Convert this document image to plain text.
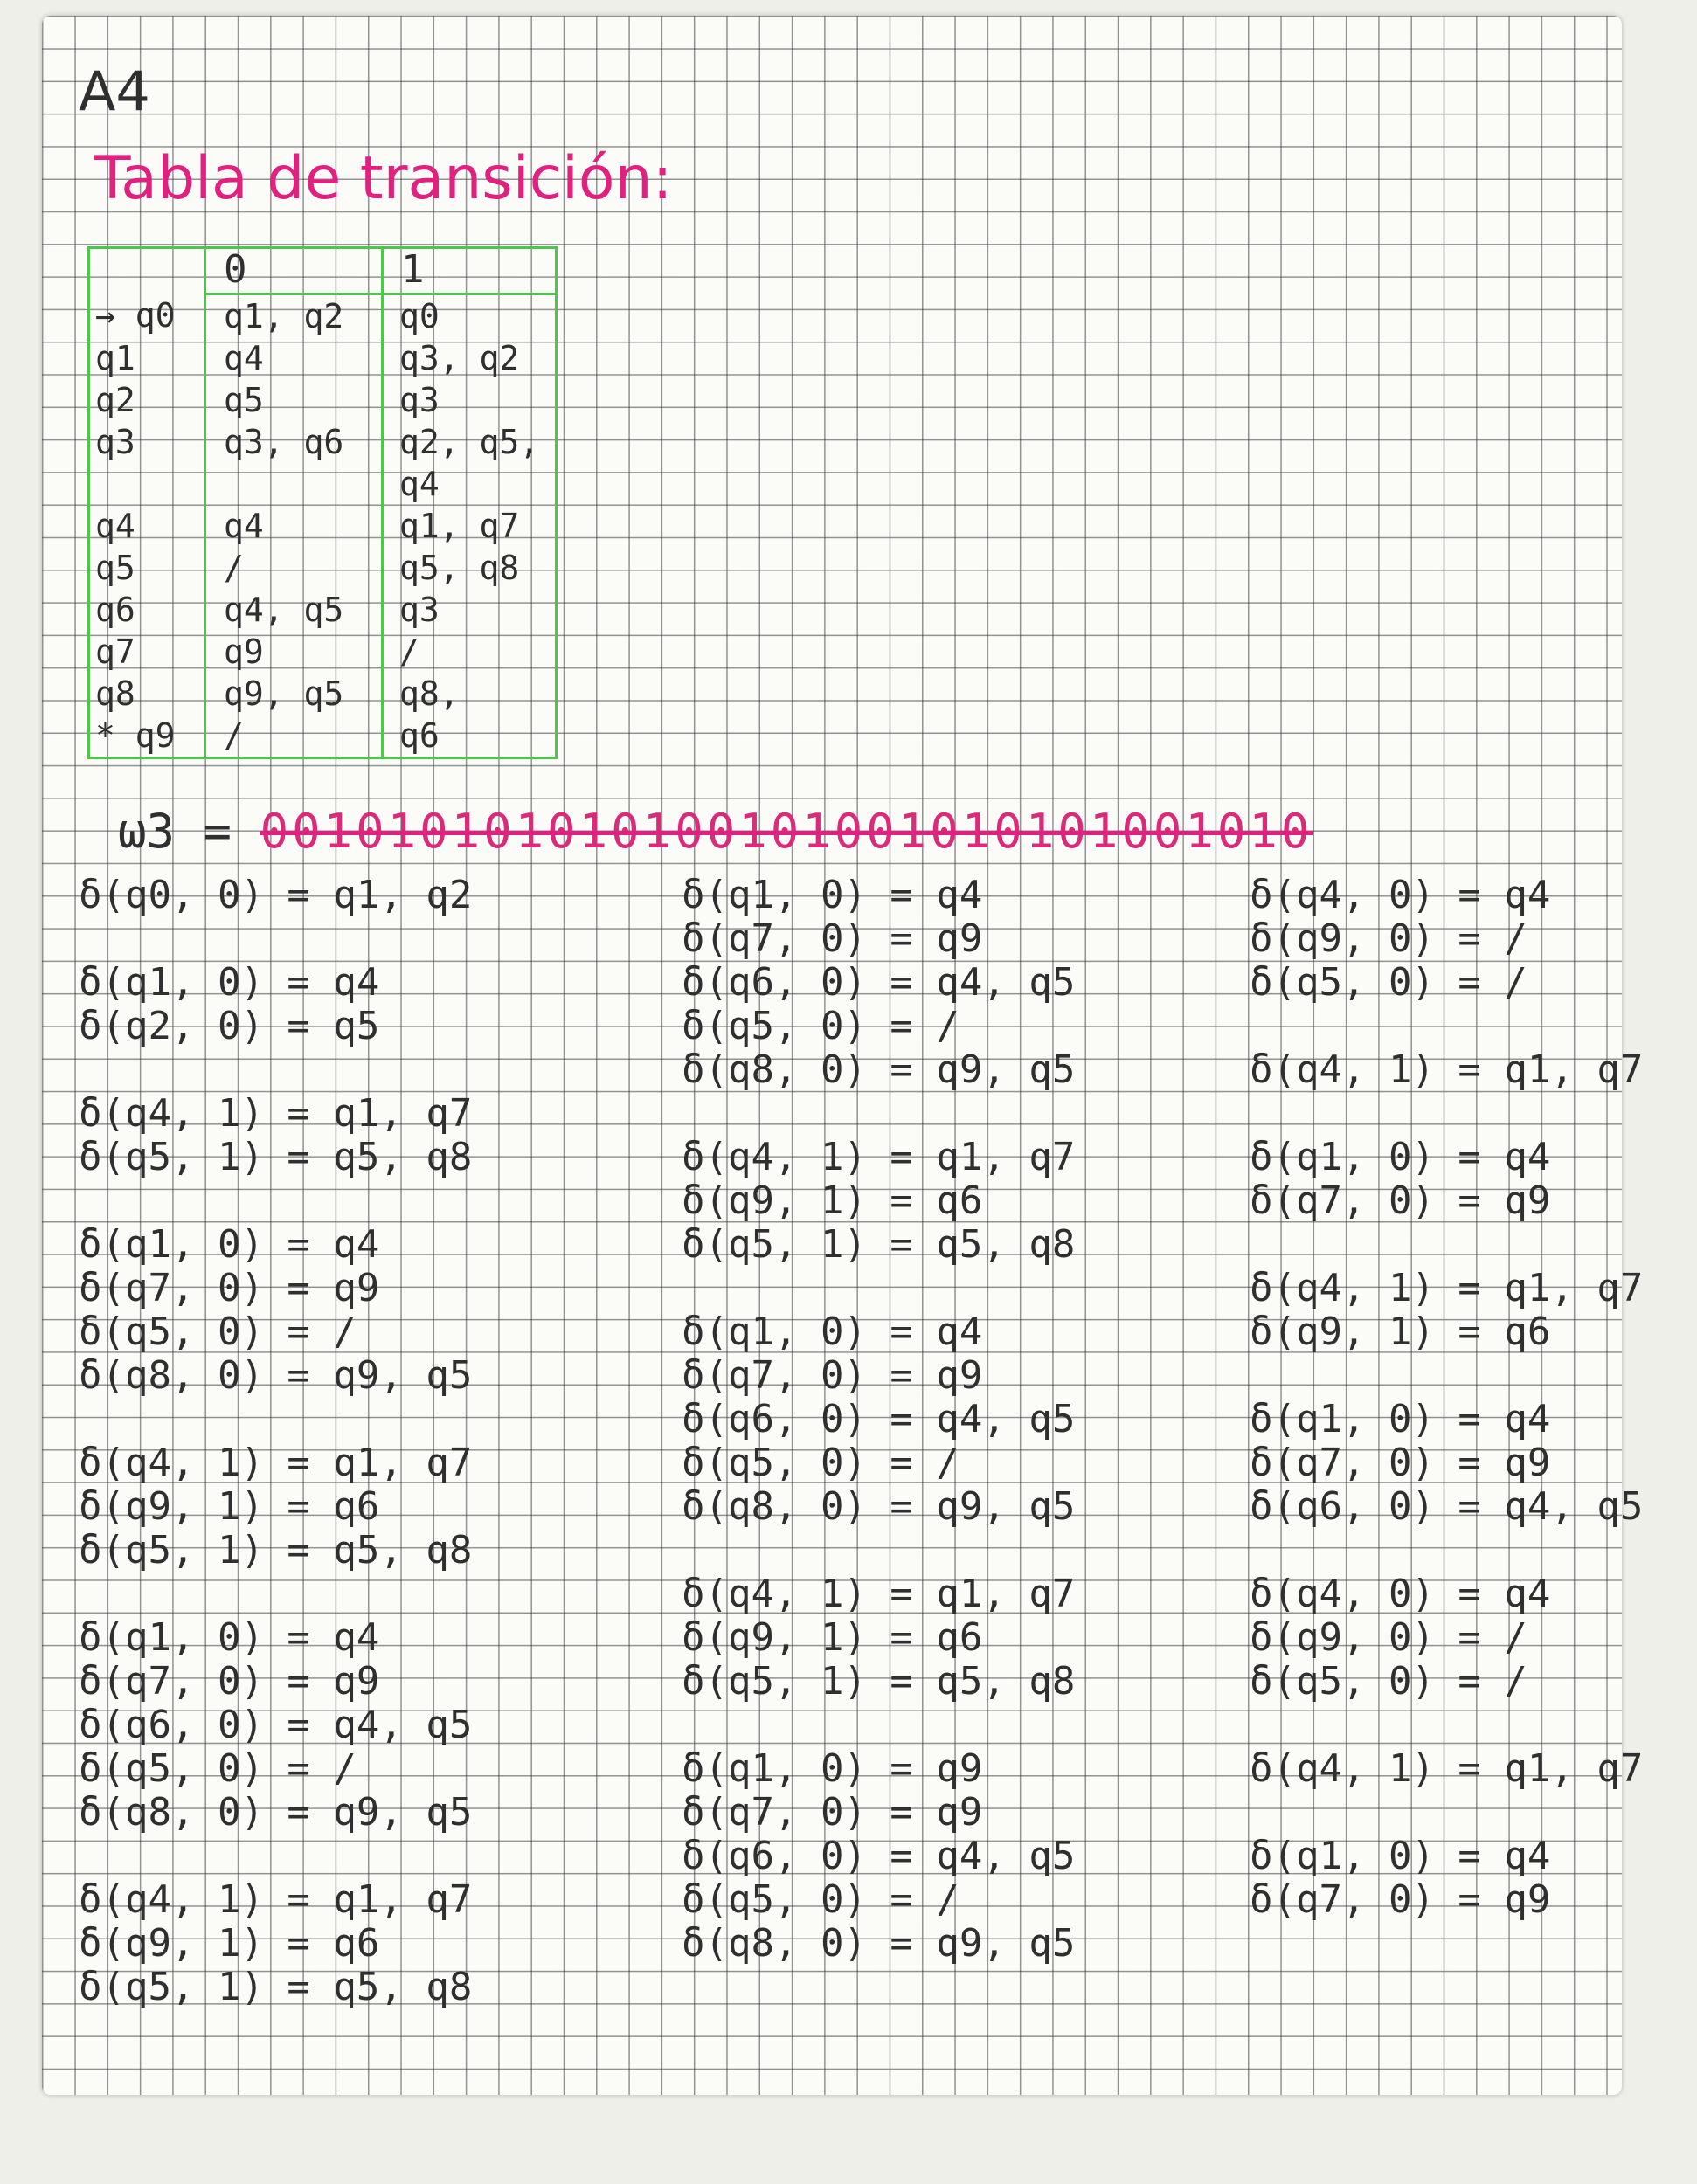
A4
Tabla de transición:
	0	1
→ q0	q1, q2	q0
q1	q4	q3, q2
q2	q5	q3
q3	q3, q6	q2, q5, q4
q4	q4	q1, q7
q5	/	q5, q8
q6	q4, q5	q3
q7	q9	/
q8	q9, q5	q8,
* q9	/	q6
ω3 = 001010101010100101001010101001010
δ(q0, 0) = q1, q2
δ(q1, 0) = q4
δ(q2, 0) = q5
δ(q4, 1) = q1, q7
δ(q5, 1) = q5, q8
δ(q1, 0) = q4
δ(q7, 0) = q9
δ(q5, 0) = /
δ(q8, 0) = q9, q5
δ(q4, 1) = q1, q7
δ(q9, 1) = q6
δ(q5, 1) = q5, q8
δ(q1, 0) = q4
δ(q7, 0) = q9
δ(q6, 0) = q4, q5
δ(q5, 0) = /
δ(q8, 0) = q9, q5
δ(q4, 1) = q1, q7
δ(q9, 1) = q6
δ(q5, 1) = q5, q8
δ(q1, 0) = q4
δ(q7, 0) = q9
δ(q6, 0) = q4, q5
δ(q5, 0) = /
δ(q8, 0) = q9, q5
δ(q4, 1) = q1, q7
δ(q9, 1) = q6
δ(q5, 1) = q5, q8
δ(q1, 0) = q4
δ(q7, 0) = q9
δ(q6, 0) = q4, q5
δ(q5, 0) = /
δ(q8, 0) = q9, q5
δ(q4, 1) = q1, q7
δ(q9, 1) = q6
δ(q5, 1) = q5, q8
δ(q1, 0) = q9
δ(q7, 0) = q9
δ(q6, 0) = q4, q5
δ(q5, 0) = /
δ(q8, 0) = q9, q5
δ(q4, 0) = q4
δ(q9, 0) = /
δ(q5, 0) = /
δ(q4, 1) = q1, q7
δ(q1, 0) = q4
δ(q7, 0) = q9
δ(q4, 1) = q1, q7
δ(q9, 1) = q6
δ(q1, 0) = q4
δ(q7, 0) = q9
δ(q6, 0) = q4, q5
δ(q4, 0) = q4
δ(q9, 0) = /
δ(q5, 0) = /
δ(q4, 1) = q1, q7
δ(q1, 0) = q4
δ(q7, 0) = q9
